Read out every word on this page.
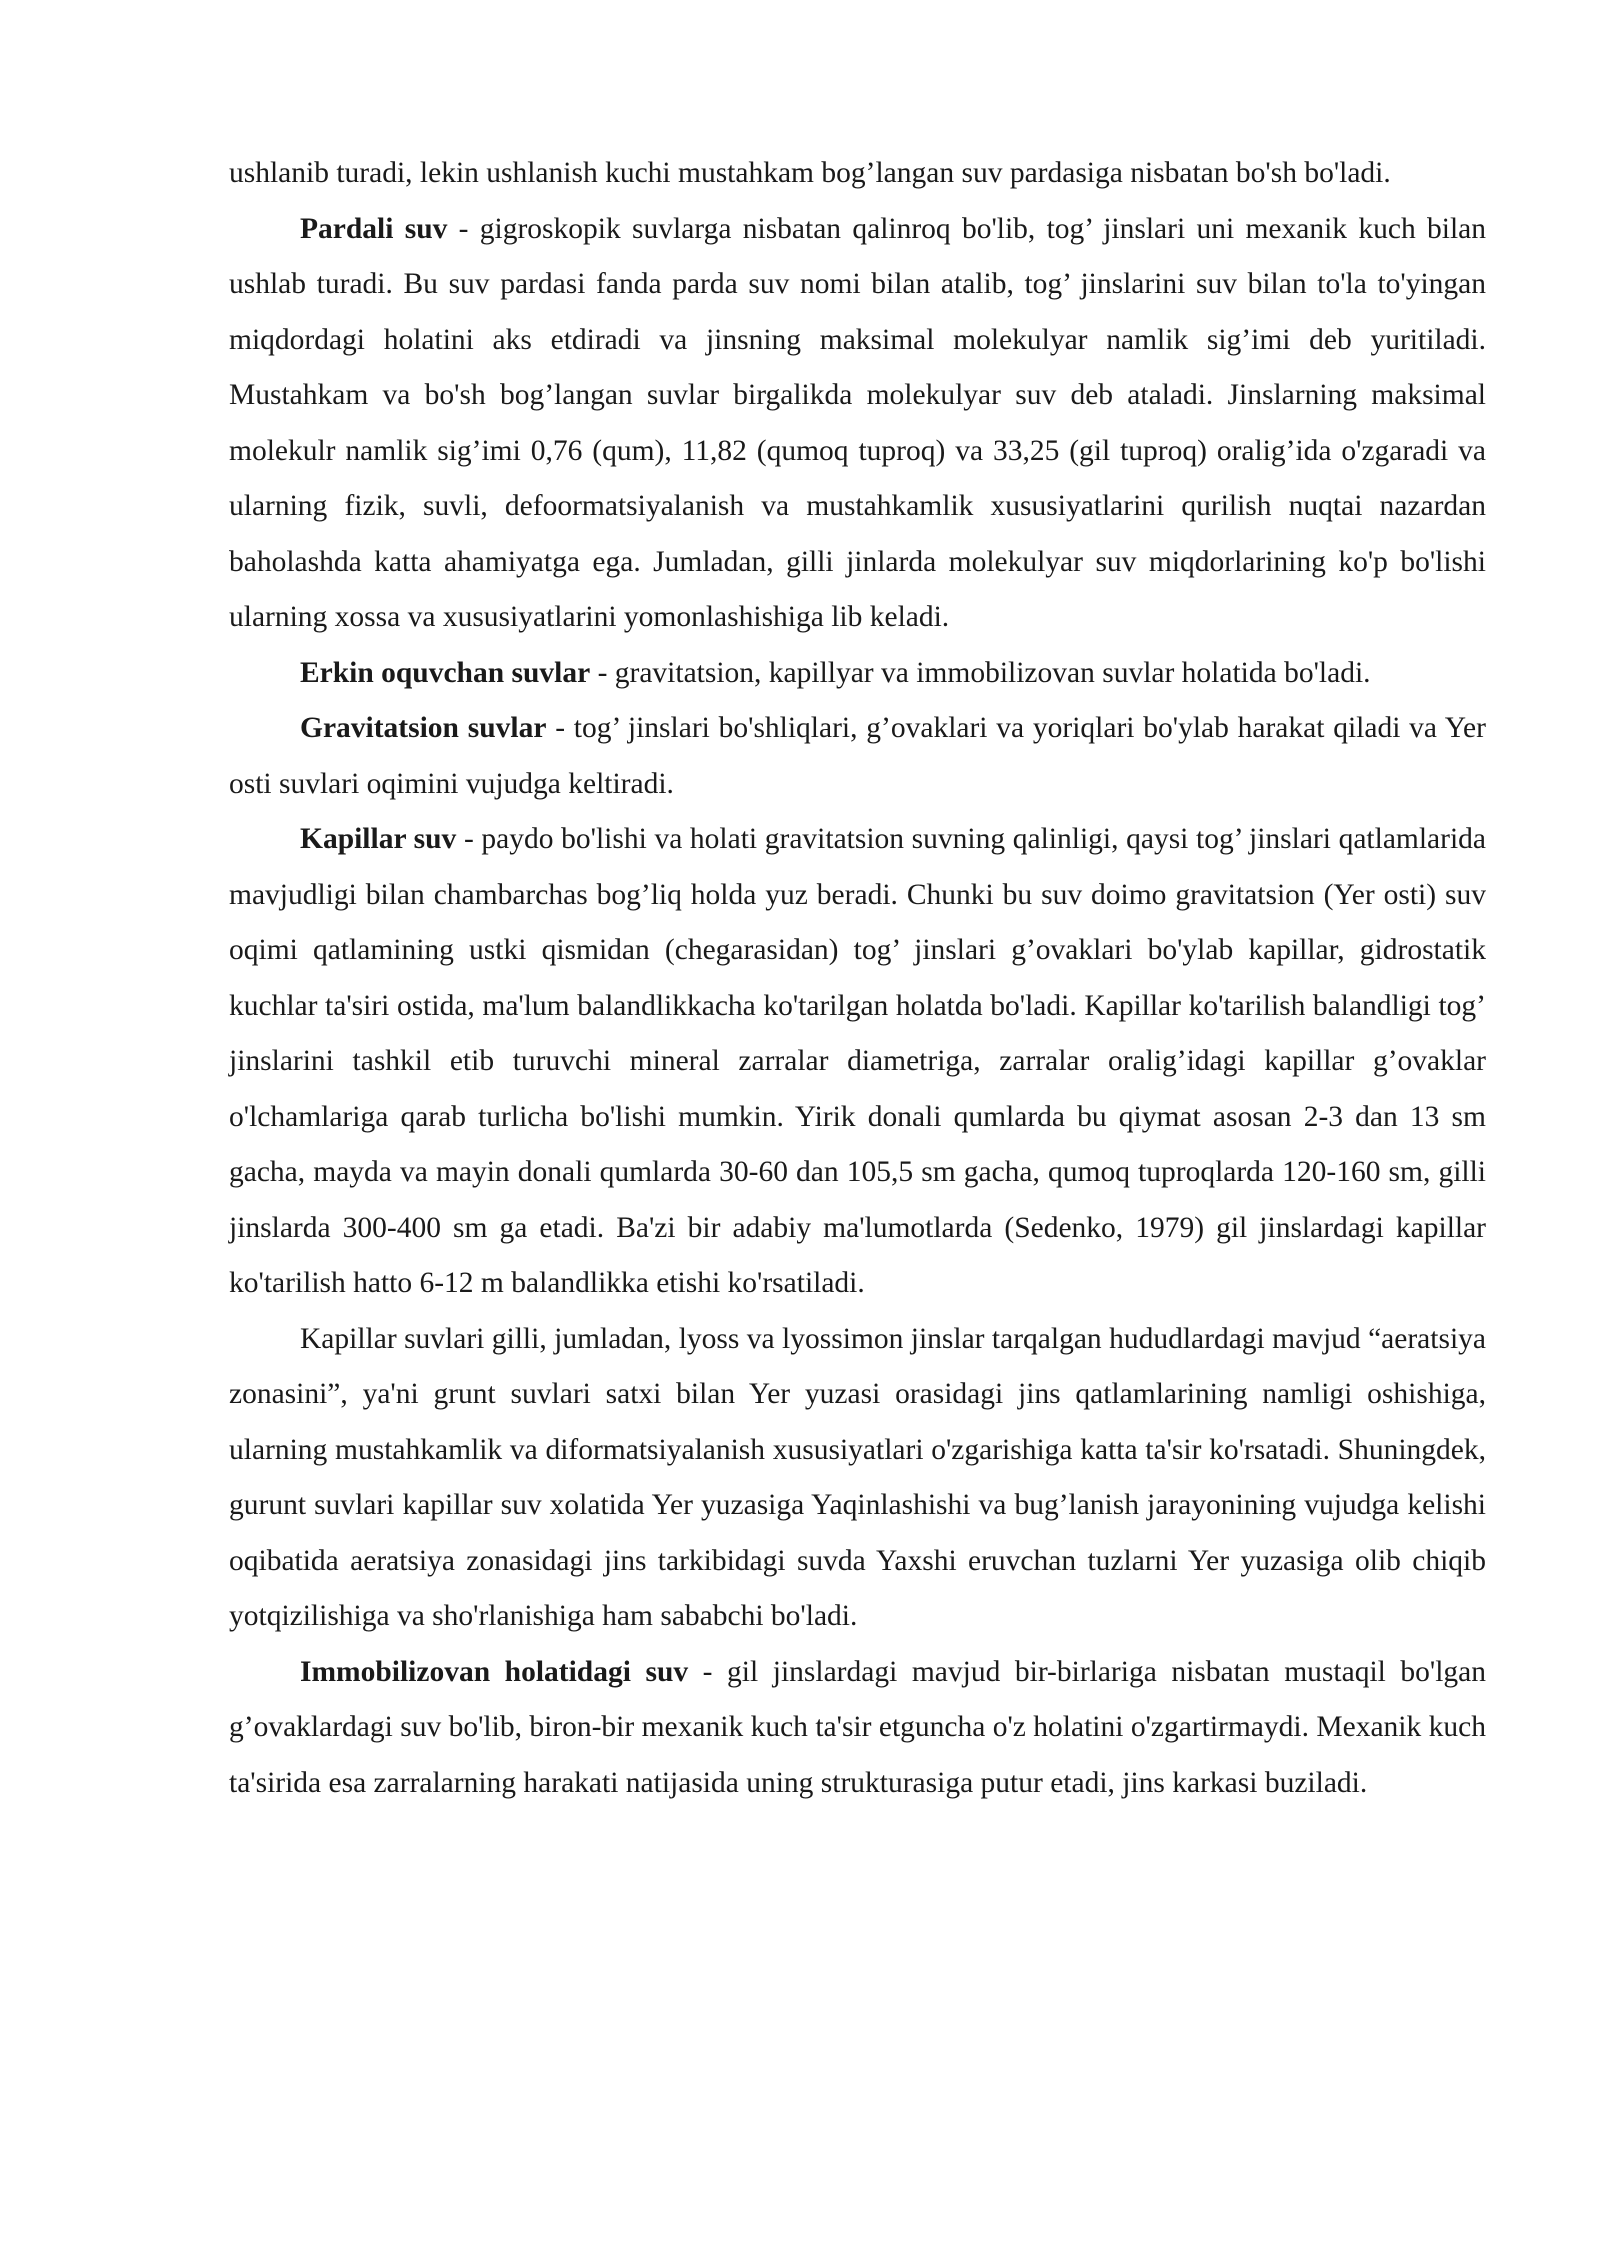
ushlanib turadi, lekin ushlanish kuchi mustahkam bog’langan suv pardasiga nisbatan bo'sh bo'ladi.

Pardali suv - gigroskopik suvlarga nisbatan qalinroq bo'lib, tog’ jinslari uni mexanik kuch bilan ushlab turadi. Bu suv pardasi fanda parda suv nomi bilan atalib, tog’ jinslarini suv bilan to'la to'yingan miqdordagi holatini aks etdiradi va jinsning maksimal molekulyar namlik sig’imi deb yuritiladi. Mustahkam va bo'sh bog’langan suvlar birgalikda molekulyar suv deb ataladi. Jinslarning maksimal molekulr namlik sig’imi 0,76 (qum), 11,82 (qumoq tuproq) va 33,25 (gil tuproq) oralig’ida o'zgaradi va ularning fizik, suvli, defoormatsiyalanish va mustahkamlik xususiyatlarini qurilish nuqtai nazardan baholashda katta ahamiyatga ega. Jumladan, gilli jinlarda molekulyar suv miqdorlarining ko'p bo'lishi ularning xossa va xususiyatlarini yomonlashishiga lib keladi.

Erkin oquvchan suvlar - gravitatsion, kapillyar va immobilizovan suvlar holatida bo'ladi.

Gravitatsion suvlar - tog’ jinslari bo'shliqlari, g’ovaklari va yoriqlari bo'ylab harakat qiladi va Yer osti suvlari oqimini vujudga keltiradi.

Kapillar suv - paydo bo'lishi va holati gravitatsion suvning qalinligi, qaysi tog’ jinslari qatlamlarida mavjudligi bilan chambarchas bog’liq holda yuz beradi. Chunki bu suv doimo gravitatsion (Yer osti) suv oqimi qatlamining ustki qismidan (chegarasidan) tog’ jinslari g’ovaklari bo'ylab kapillar, gidrostatik kuchlar ta'siri ostida, ma'lum balandlikkacha ko'tarilgan holatda bo'ladi. Kapillar ko'tarilish balandligi tog’ jinslarini tashkil etib turuvchi mineral zarralar diametriga, zarralar oralig’idagi kapillar g’ovaklar o'lchamlariga qarab turlicha bo'lishi mumkin. Yirik donali qumlarda bu qiymat asosan 2-3 dan 13 sm gacha, mayda va mayin donali qumlarda 30-60 dan 105,5 sm gacha, qumoq tuproqlarda 120-160 sm, gilli jinslarda 300-400 sm ga etadi. Ba'zi bir adabiy ma'lumotlarda (Sedenko, 1979) gil jinslardagi kapillar ko'tarilish hatto 6-12 m balandlikka etishi ko'rsatiladi.

Kapillar suvlari gilli, jumladan, lyoss va lyossimon jinslar tarqalgan hududlardagi mavjud “aeratsiya zonasini”, ya'ni grunt suvlari satxi bilan Yer yuzasi orasidagi jins qatlamlarining namligi oshishiga, ularning mustahkamlik va diformatsiyalanish xususiyatlari o'zgarishiga katta ta'sir ko'rsatadi. Shuningdek, gurunt suvlari kapillar suv xolatida Yer yuzasiga Yaqinlashishi va bug’lanish jarayonining vujudga kelishi oqibatida aeratsiya zonasidagi jins tarkibidagi suvda Yaxshi eruvchan tuzlarni Yer yuzasiga olib chiqib yotqizilishiga va sho'rlanishiga ham sababchi bo'ladi.

Immobilizovan holatidagi suv - gil jinslardagi mavjud bir-birlariga nisbatan mustaqil bo'lgan g’ovaklardagi suv bo'lib, biron-bir mexanik kuch ta'sir etguncha o'z holatini o'zgartirmaydi. Mexanik kuch ta'sirida esa zarralarning harakati natijasida uning strukturasiga putur etadi, jins karkasi buziladi.
